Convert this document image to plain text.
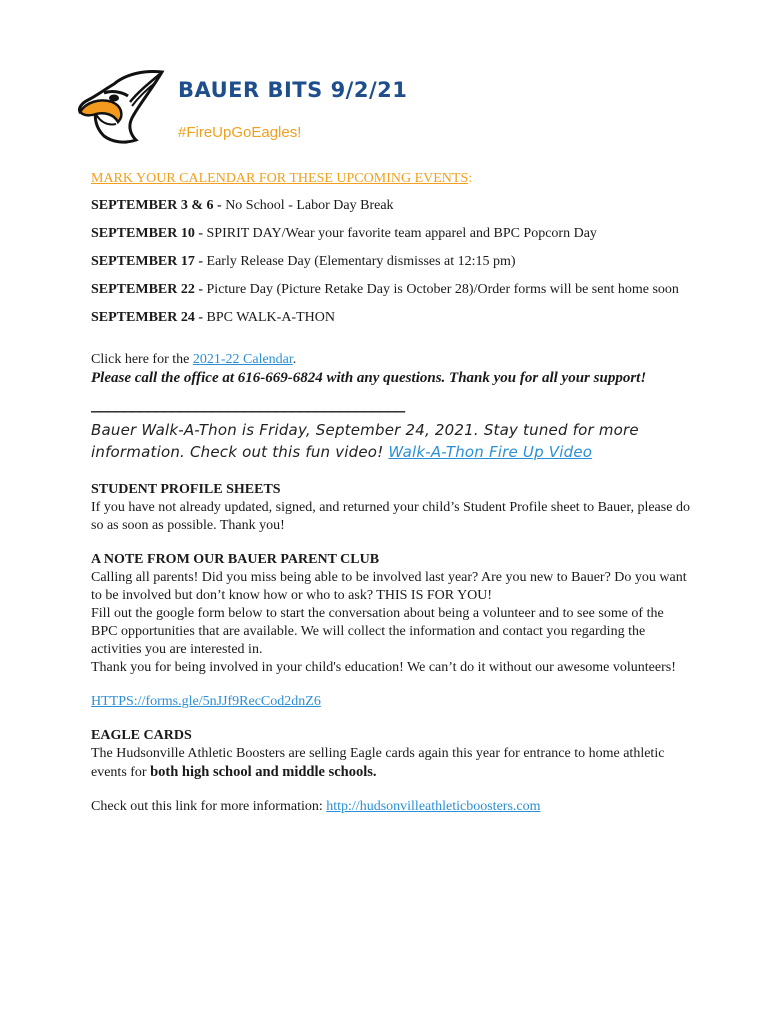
BAUER BITS 9/2/21
#FireUpGoEagles!

MARK YOUR CALENDAR FOR THESE UPCOMING EVENTS:

SEPTEMBER 3 & 6 - No School - Labor Day Break

SEPTEMBER 10 - SPIRIT DAY/Wear your favorite team apparel and BPC Popcorn Day

SEPTEMBER 17 - Early Release Day (Elementary dismisses at 12:15 pm)

SEPTEMBER 22 - Picture Day (Picture Retake Day is October 28)/Order forms will be sent home soon

SEPTEMBER 24 - BPC WALK-A-THON

Click here for the 2021-22 Calendar.

Please call the office at 616-669-6824 with any questions. Thank you for all your support!

_______________________________________

Bauer Walk-A-Thon is Friday, September 24, 2021. Stay tuned for more information. Check out this fun video! Walk-A-Thon Fire Up Video

STUDENT PROFILE SHEETS

If you have not already updated, signed, and returned your child’s Student Profile sheet to Bauer, please do so as soon as possible. Thank you!

A NOTE FROM OUR BAUER PARENT CLUB

Calling all parents! Did you miss being able to be involved last year? Are you new to Bauer? Do you want to be involved but don’t know how or who to ask? THIS IS FOR YOU!

Fill out the google form below to start the conversation about being a volunteer and to see some of the BPC opportunities that are available. We will collect the information and contact you regarding the activities you are interested in.

Thank you for being involved in your child's education! We can’t do it without our awesome volunteers!

HTTPS://forms.gle/5nJJf9RecCod2dnZ6

EAGLE CARDS

The Hudsonville Athletic Boosters are selling Eagle cards again this year for entrance to home athletic events for both high school and middle schools.

Check out this link for more information: http://hudsonvilleathleticboosters.com
